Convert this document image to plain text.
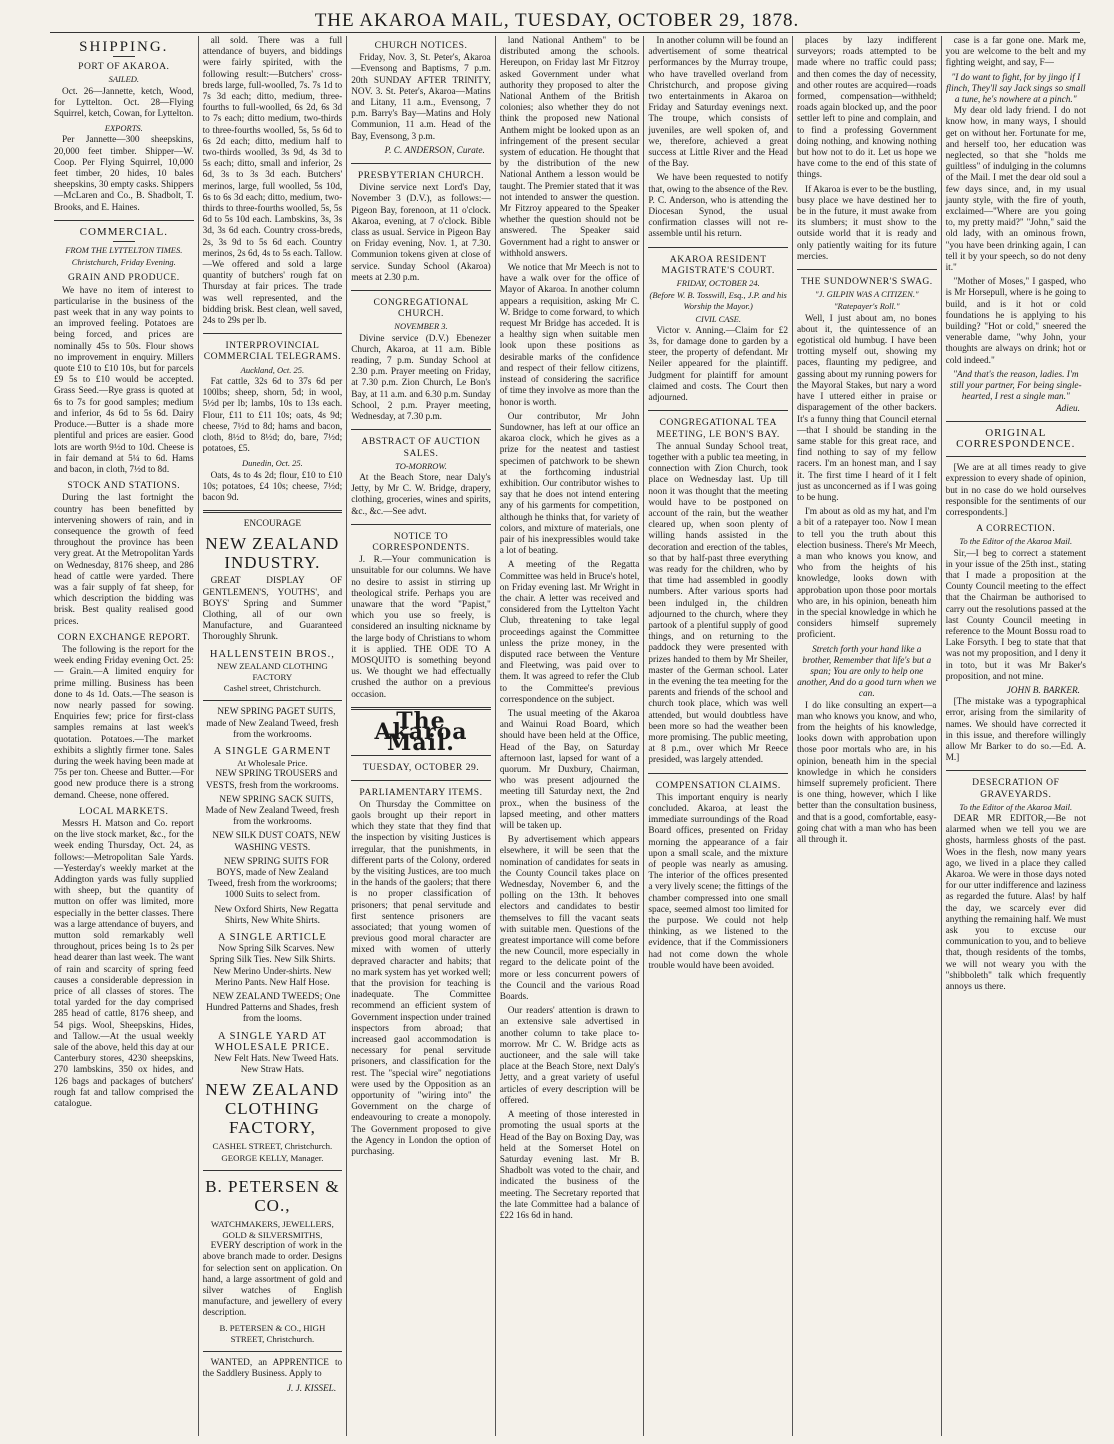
THE AKAROA MAIL, TUESDAY, OCTOBER 29, 1878.
SHIPPING.
PORT OF AKAROA.
SAILED.

Oct. 26—Jannette, ketch, Wood, for Lyttelton. Oct. 28—Flying Squirrel, ketch, Cowan, for Lyttelton.

EXPORTS.

Per Jannette—300 sheepskins, 20,000 feet timber. Shipper—W. Coop. Per Flying Squirrel, 10,000 feet timber, 20 hides, 10 bales sheepskins, 30 empty casks. Shippers—McLaren and Co., B. Shadbolt, T. Brooks, and E. Haines.

COMMERCIAL.
FROM THE LYTTELTON TIMES.
Christchurch, Friday Evening.
GRAIN AND PRODUCE.

We have no item of interest to particularise in the business of the past week that in any way points to an improved feeling. Potatoes are being forced, and prices are nominally 45s to 50s. Flour shows no improvement in enquiry. Millers quote £10 to £10 10s, but for parcels £9 5s to £10 would be accepted. Grass Seed.—Rye grass is quoted at 6s to 7s for good samples; medium and inferior, 4s 6d to 5s 6d. Dairy Produce.—Butter is a shade more plentiful and prices are easier. Good lots are worth 9½d to 10d. Cheese is in fair demand at 5¼ to 6d. Hams and bacon, in cloth, 7½d to 8d.

STOCK AND STATIONS.

During the last fortnight the country has been benefitted by intervening showers of rain, and in consequence the growth of feed throughout the province has been very great. At the Metropolitan Yards on Wednesday, 8176 sheep, and 286 head of cattle were yarded. There was a fair supply of fat sheep, for which description the bidding was brisk. Best quality realised good prices.

CORN EXCHANGE REPORT.

The following is the report for the week ending Friday evening Oct. 25:— Grain.—A limited enquiry for prime milling. Business has been done to 4s 1d. Oats.—The season is now nearly passed for sowing. Enquiries few; price for first-class samples remains at last week's quotation. Potatoes.—The market exhibits a slightly firmer tone. Sales during the week having been made at 75s per ton. Cheese and Butter.—For good new produce there is a strong demand. Cheese, none offered.

LOCAL MARKETS.

Messrs H. Matson and Co. report on the live stock market, &c., for the week ending Thursday, Oct. 24, as follows:—Metropolitan Sale Yards.—Yesterday's weekly market at the Addington yards was fully supplied with sheep, but the quantity of mutton on offer was limited, more especially in the better classes. There was a large attendance of buyers, and mutton sold remarkably well throughout, prices being 1s to 2s per head dearer than last week. The want of rain and scarcity of spring feed causes a considerable depression in price of all classes of stores. The total yarded for the day comprised 285 head of cattle, 8176 sheep, and 54 pigs. Wool, Sheepskins, Hides, and Tallow.—At the usual weekly sale of the above, held this day at our Canterbury stores, 4230 sheepskins, 270 lambskins, 350 ox hides, and 126 bags and packages of butchers' rough fat and tallow comprised the catalogue.

all sold. There was a full attendance of buyers, and biddings were fairly spirited, with the following result:—Butchers' cross-breds large, full-woolled, 7s. 7s 1d to 7s 3d each; ditto, medium, three-fourths to full-woolled, 6s 2d, 6s 3d to 7s each; ditto medium, two-thirds to three-fourths woolled, 5s, 5s 6d to 6s 2d each; ditto, medium half to two-thirds woolled, 3s 9d, 4s 3d to 5s each; ditto, small and inferior, 2s 6d, 3s to 3s 3d each. Butchers' merinos, large, full woolled, 5s 10d, 6s to 6s 3d each; ditto, medium, two-thirds to three-fourths woolled, 5s, 5s 6d to 5s 10d each. Lambskins, 3s, 3s 3d, 3s 6d each. Country cross-breds, 2s, 3s 9d to 5s 6d each. Country merinos, 2s 6d, 4s to 5s each. Tallow.—We offered and sold a large quantity of butchers' rough fat on Thursday at fair prices. The trade was well represented, and the bidding brisk. Best clean, well saved, 24s to 29s per lb.

INTERPROVINCIAL COMMERCIAL TELEGRAMS.
Auckland, Oct. 25.

Fat cattle, 32s 6d to 37s 6d per 100lbs; sheep, shorn, 5d; in wool, 5½d per lb; lambs, 10s to 13s each. Flour, £11 to £11 10s; oats, 4s 9d; cheese, 7½d to 8d; hams and bacon, cloth, 8½d to 8½d; do, bare, 7½d; potatoes, £5.

Dunedin, Oct. 25.

Oats, 4s to 4s 2d; flour, £10 to £10 10s; potatoes, £4 10s; cheese, 7½d; bacon 9d.

ENCOURAGE
NEW ZEALAND INDUSTRY.

GREAT DISPLAY OF GENTLEMEN'S, YOUTHS', and BOYS' Spring and Summer Clothing, all of our own Manufacture, and Guaranteed Thoroughly Shrunk.

HALLENSTEIN BROS.,
NEW ZEALAND CLOTHING FACTORY
Cashel street, Christchurch.

NEW SPRING PAGET SUITS, made of New Zealand Tweed, fresh from the workrooms.

A SINGLE GARMENT
At Wholesale Price.

NEW SPRING TROUSERS and VESTS, fresh from the workrooms.

NEW SPRING SACK SUITS, Made of New Zealand Tweed, fresh from the workrooms.

NEW SILK DUST COATS, NEW WASHING VESTS.

NEW SPRING SUITS FOR BOYS, made of New Zealand Tweed, fresh from the workrooms; 1000 Suits to select from.

New Oxford Shirts, New Regatta Shirts, New White Shirts.

A SINGLE ARTICLE

Now Spring Silk Scarves. New Spring Silk Ties. New Silk Shirts. New Merino Under-shirts. New Merino Pants. New Half Hose.

NEW ZEALAND TWEEDS; One Hundred Patterns and Shades, fresh from the looms.

A SINGLE YARD AT WHOLESALE PRICE.

New Felt Hats. New Tweed Hats. New Straw Hats.

NEW ZEALAND CLOTHING FACTORY,
CASHEL STREET, Christchurch.
GEORGE KELLY, Manager.
B. PETERSEN & CO.,
WATCHMAKERS, JEWELLERS, GOLD & SILVERSMITHS,

EVERY description of work in the above branch made to order. Designs for selection sent on application. On hand, a large assortment of gold and silver watches of English manufacture, and jewellery of every description.

B. PETERSEN & CO., HIGH STREET, Christchurch.

WANTED, an APPRENTICE to the Saddlery Business. Apply to

J. J. KISSEL.
CHURCH NOTICES.

Friday, Nov. 3, St. Peter's, Akaroa—Evensong and Baptisms, 7 p.m. 20th SUNDAY AFTER TRINITY, NOV. 3. St. Peter's, Akaroa—Matins and Litany, 11 a.m., Evensong, 7 p.m. Barry's Bay—Matins and Holy Communion, 11 a.m. Head of the Bay, Evensong, 3 p.m.

P. C. ANDERSON, Curate.
PRESBYTERIAN CHURCH.

Divine service next Lord's Day, November 3 (D.V.), as follows:— Pigeon Bay, forenoon, at 11 o'clock. Akaroa, evening, at 7 o'clock. Bible class as usual. Service in Pigeon Bay on Friday evening, Nov. 1, at 7.30. Communion tokens given at close of service. Sunday School (Akaroa) meets at 2.30 p.m.

CONGREGATIONAL CHURCH.
NOVEMBER 3.

Divine service (D.V.) Ebenezer Church, Akaroa, at 11 a.m. Bible reading, 7 p.m. Sunday School at 2.30 p.m. Prayer meeting on Friday, at 7.30 p.m. Zion Church, Le Bon's Bay, at 11 a.m. and 6.30 p.m. Sunday School, 2 p.m. Prayer meeting, Wednesday, at 7.30 p.m.

ABSTRACT OF AUCTION SALES.
TO-MORROW.

At the Beach Store, near Daly's Jetty, by Mr C. W. Bridge, drapery, clothing, groceries, wines and spirits, &c., &c.—See advt.

NOTICE TO CORRESPONDENTS.

J. R.—Your communication is unsuitable for our columns. We have no desire to assist in stirring up theological strife. Perhaps you are unaware that the word "Papist," which you use so freely, is considered an insulting nickname by the large body of Christians to whom it is applied. THE ODE TO A MOSQUITO is something beyond us. We thought we had effectually crushed the author on a previous occasion.

The Akaroa Mail.
TUESDAY, OCTOBER 29.
PARLIAMENTARY ITEMS.

On Thursday the Committee on gaols brought up their report in which they state that they find that the inspection by visiting Justices is irregular, that the punishments, in different parts of the Colony, ordered by the visiting Justices, are too much in the hands of the gaolers; that there is no proper classification of prisoners; that penal servitude and first sentence prisoners are associated; that young women of previous good moral character are mixed with women of utterly depraved character and habits; that no mark system has yet worked well; that the provision for teaching is inadequate. The Committee recommend an efficient system of Government inspection under trained inspectors from abroad; that increased gaol accommodation is necessary for penal servitude prisoners, and classification for the rest. The "special wire" negotiations were used by the Opposition as an opportunity of "wiring into" the Government on the charge of endeavouring to create a monopoly. The Government proposed to give the Agency in London the option of purchasing.

land National Anthem" to be distributed among the schools. Hereupon, on Friday last Mr Fitzroy asked Government under what authority they proposed to alter the National Anthem of the British colonies; also whether they do not think the proposed new National Anthem might be looked upon as an infringement of the present secular system of education. He thought that by the distribution of the new National Anthem a lesson would be taught. The Premier stated that it was not intended to answer the question. Mr Fitzroy appeared to the Speaker whether the question should not be answered. The Speaker said Government had a right to answer or withhold answers.

We notice that Mr Meech is not to have a walk over for the office of Mayor of Akaroa. In another column appears a requisition, asking Mr C. W. Bridge to come forward, to which request Mr Bridge has acceded. It is a healthy sign when suitable men look upon these positions as desirable marks of the confidence and respect of their fellow citizens, instead of considering the sacrifice of time they involve as more than the honor is worth.

Our contributor, Mr John Sundowner, has left at our office an akaroa clock, which he gives as a prize for the neatest and tastiest specimen of patchwork to be shewn at the forthcoming industrial exhibition. Our contributor wishes to say that he does not intend entering any of his garments for competition, although he thinks that, for variety of colors, and mixture of materials, one pair of his inexpressibles would take a lot of beating.

A meeting of the Regatta Committee was held in Bruce's hotel, on Friday evening last. Mr Wright in the chair. A letter was received and considered from the Lyttelton Yacht Club, threatening to take legal proceedings against the Committee unless the prize money, in the disputed race between the Venture and Fleetwing, was paid over to them. It was agreed to refer the Club to the Committee's previous correspondence on the subject.

The usual meeting of the Akaroa and Wainui Road Board, which should have been held at the Office, Head of the Bay, on Saturday afternoon last, lapsed for want of a quorum. Mr Duxbury, Chairman, who was present adjourned the meeting till Saturday next, the 2nd prox., when the business of the lapsed meeting, and other matters will be taken up.

By advertisement which appears elsewhere, it will be seen that the nomination of candidates for seats in the County Council takes place on Wednesday, November 6, and the polling on the 13th. It behoves electors and candidates to bestir themselves to fill the vacant seats with suitable men. Questions of the greatest importance will come before the new Council, more especially in regard to the delicate point of the more or less concurrent powers of the Council and the various Road Boards.

Our readers' attention is drawn to an extensive sale advertised in another column to take place to-morrow. Mr C. W. Bridge acts as auctioneer, and the sale will take place at the Beach Store, next Daly's Jetty, and a great variety of useful articles of every description will be offered.

A meeting of those interested in promoting the usual sports at the Head of the Bay on Boxing Day, was held at the Somerset Hotel on Saturday evening last. Mr B. Shadbolt was voted to the chair, and indicated the business of the meeting. The Secretary reported that the late Committee had a balance of £22 16s 6d in hand.

In another column will be found an advertisement of some theatrical performances by the Murray troupe, who have travelled overland from Christchurch, and propose giving two entertainments in Akaroa on Friday and Saturday evenings next. The troupe, which consists of juveniles, are well spoken of, and we, therefore, achieved a great success at Little River and the Head of the Bay.

We have been requested to notify that, owing to the absence of the Rev. P. C. Anderson, who is attending the Diocesan Synod, the usual confirmation classes will not re-assemble until his return.

AKAROA RESIDENT MAGISTRATE'S COURT.
FRIDAY, OCTOBER 24.
(Before W. B. Tosswill, Esq., J.P. and his Worship the Mayor.)
CIVIL CASE.

Victor v. Anning.—Claim for £2 3s, for damage done to garden by a steer, the property of defendant. Mr Neiler appeared for the plaintiff. Judgment for plaintiff for amount claimed and costs. The Court then adjourned.

CONGREGATIONAL TEA MEETING, LE BON'S BAY.

The annual Sunday School treat, together with a public tea meeting, in connection with Zion Church, took place on Wednesday last. Up till noon it was thought that the meeting would have to be postponed on account of the rain, but the weather cleared up, when soon plenty of willing hands assisted in the decoration and erection of the tables, so that by half-past three everything was ready for the children, who by that time had assembled in goodly numbers. After various sports had been indulged in, the children adjourned to the church, where they partook of a plentiful supply of good things, and on returning to the paddock they were presented with prizes handed to them by Mr Sheiler, master of the German school. Later in the evening the tea meeting for the parents and friends of the school and church took place, which was well attended, but would doubtless have been more so had the weather been more promising. The public meeting, at 8 p.m., over which Mr Reece presided, was largely attended.

COMPENSATION CLAIMS.

This important enquiry is nearly concluded. Akaroa, at least the immediate surroundings of the Road Board offices, presented on Friday morning the appearance of a fair upon a small scale, and the mixture of people was nearly as amusing. The interior of the offices presented a very lively scene; the fittings of the chamber compressed into one small space, seemed almost too limited for the purpose. We could not help thinking, as we listened to the evidence, that if the Commissioners had not come down the whole trouble would have been avoided.

places by lazy indifferent surveyors; roads attempted to be made where no traffic could pass; and then comes the day of necessity, and other routes are acquired—roads formed, compensation—withheld; roads again blocked up, and the poor settler left to pine and complain, and to find a professing Government doing nothing, and knowing nothing but how not to do it. Let us hope we have come to the end of this state of things.

If Akaroa is ever to be the bustling, busy place we have destined her to be in the future, it must awake from its slumbers; it must show to the outside world that it is ready and only patiently waiting for its future mercies.

THE SUNDOWNER'S SWAG.
"J. GILPIN WAS A CITIZEN."
"Ratepayer's Roll."

Well, I just about am, no bones about it, the quintessence of an egotistical old humbug. I have been trotting myself out, showing my paces, flaunting my pedigree, and gassing about my running powers for the Mayoral Stakes, but nary a word have I uttered either in praise or disparagement of the other backers. It's a funny thing that Council eternal—that I should be standing in the same stable for this great race, and find nothing to say of my fellow racers. I'm an honest man, and I say it. The first time I heard of it I felt just as unconcerned as if I was going to be hung.

I'm about as old as my hat, and I'm a bit of a ratepayer too. Now I mean to tell you the truth about this election business. There's Mr Meech, a man who knows you know, and who from the heights of his knowledge, looks down with approbation upon those poor mortals who are, in his opinion, beneath him in the special knowledge in which he considers himself supremely proficient.

Stretch forth your hand like a brother, Remember that life's but a span; You are only to help one another, And do a good turn when we can.

I do like consulting an expert—a man who knows you know, and who, from the heights of his knowledge, looks down with approbation upon those poor mortals who are, in his opinion, beneath him in the special knowledge in which he considers himself supremely proficient. There is one thing, however, which I like better than the consultation business, and that is a good, comfortable, easy-going chat with a man who has been all through it.

case is a far gone one. Mark me, you are welcome to the belt and my fighting weight, and say, F—

"I do want to fight, for by jingo if I flinch, They'll say Jack sings so small a tune, he's nowhere at a pinch."

My dear old lady friend. I do not know how, in many ways, I should get on without her. Fortunate for me, and herself too, her education was neglected, so that she "holds me guiltless" of indulging in the columns of the Mail. I met the dear old soul a few days since, and, in my usual jaunty style, with the fire of youth, exclaimed—"Where are you going to, my pretty maid?" "John," said the old lady, with an ominous frown, "you have been drinking again, I can tell it by your speech, so do not deny it."

"Mother of Moses," I gasped, who is Mr Horsepull, where is he going to build, and is it hot or cold foundations he is applying to his building? "Hot or cold," sneered the venerable dame, "why John, your thoughts are always on drink; hot or cold indeed."

"And that's the reason, ladies. I'm still your partner, For being single-hearted, I rest a single man."
Adieu.
ORIGINAL CORRESPONDENCE.

[We are at all times ready to give expression to every shade of opinion, but in no case do we hold ourselves responsible for the sentiments of our correspondents.]

A CORRECTION.
To the Editor of the Akaroa Mail.

Sir,—I beg to correct a statement in your issue of the 25th inst., stating that I made a proposition at the County Council meeting to the effect that the Chairman be authorised to carry out the resolutions passed at the last County Council meeting in reference to the Mount Bossu road to Lake Forsyth. I beg to state that that was not my proposition, and I deny it in toto, but it was Mr Baker's proposition, and not mine.

JOHN B. BARKER.

[The mistake was a typographical error, arising from the similarity of names. We should have corrected it in this issue, and therefore willingly allow Mr Barker to do so.—Ed. A. M.]

DESECRATION OF GRAVEYARDS.
To the Editor of the Akaroa Mail.

DEAR MR EDITOR,—Be not alarmed when we tell you we are ghosts, harmless ghosts of the past. Woes in the flesh, now many years ago, we lived in a place they called Akaroa. We were in those days noted for our utter indifference and laziness as regarded the future. Alas! by half the day, we scarcely ever did anything the remaining half. We must ask you to excuse our communication to you, and to believe that, though residents of the tombs, we will not weary you with the "shibboleth" talk which frequently annoys us there.
